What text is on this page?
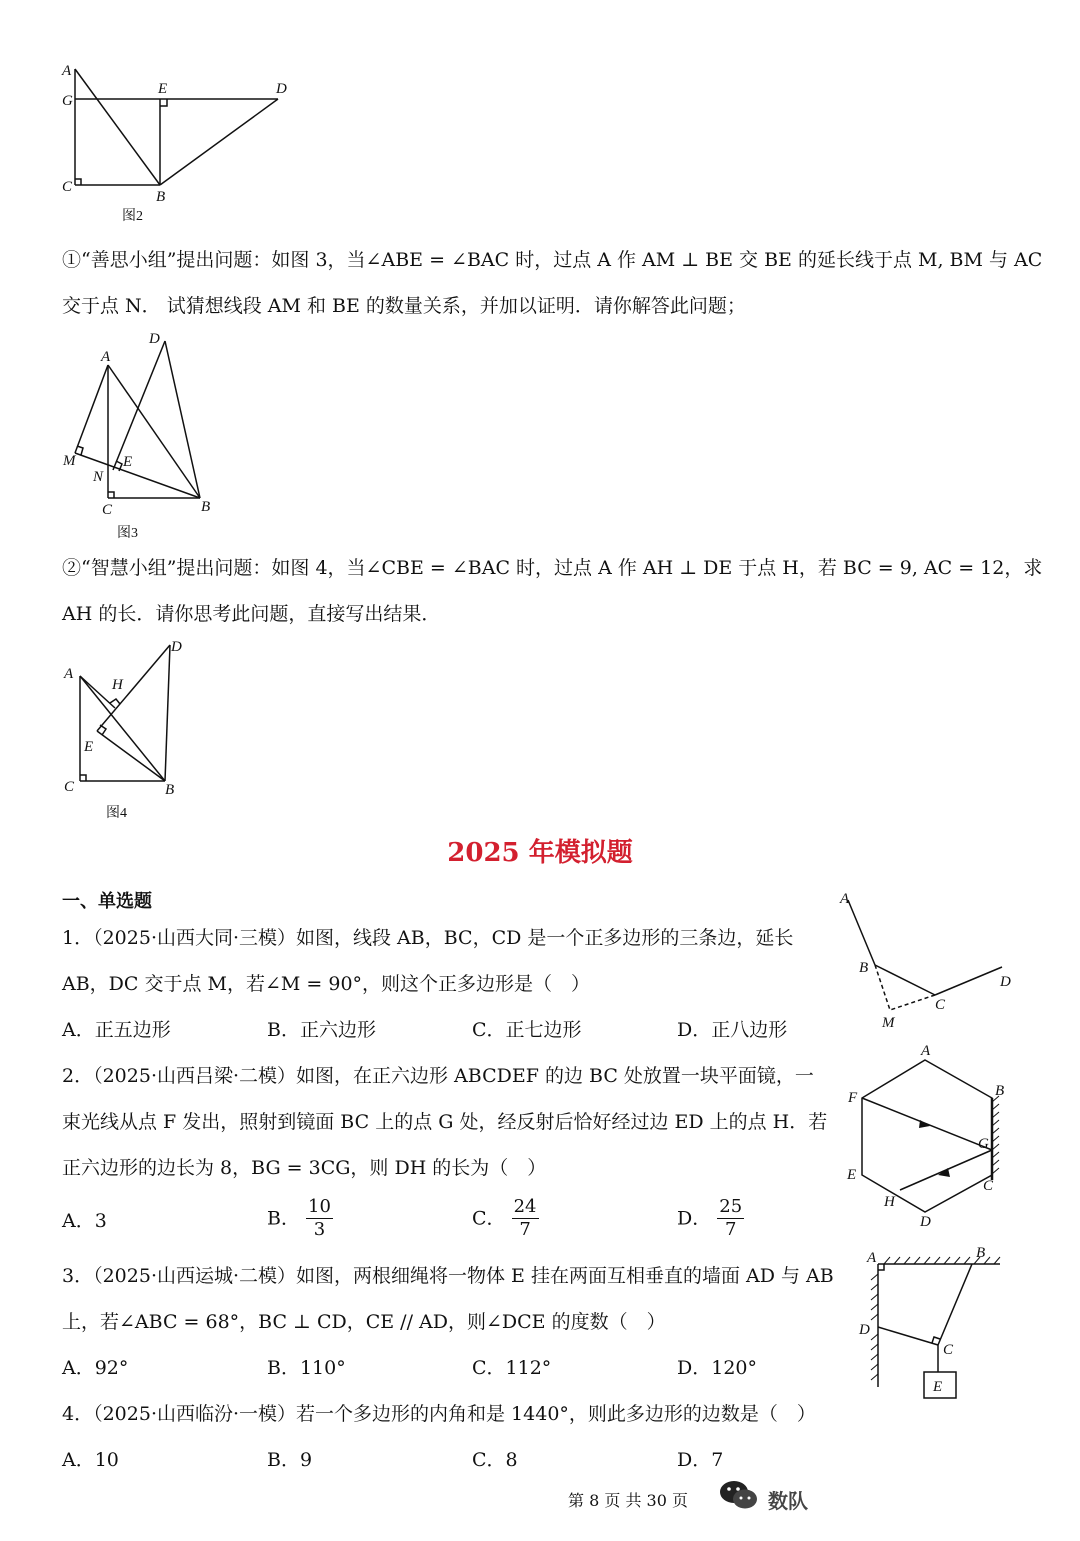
A
G
E	D
C
B
图2
①“善思小组”提出问题：如图 3，当∠ABE = ∠BAC 时，过点 A 作 AM ⊥ BE 交 BE 的延长线于点 M, BM 与 AC
交于点 N． 试猜想线段 AM 和 BE 的数量关系，并加以证明．请你解答此问题；
A
D
M	E
N
C	B
图3
②“智慧小组”提出问题：如图 4，当∠CBE = ∠BAC 时，过点 A 作 AH ⊥ DE 于点 H，若 BC = 9, AC = 12，求
AH 的长．请你思考此问题，直接写出结果．
A
H
D
E
C	B
图4
2025 年模拟题
一、单选题
1．（2025·山西大同·三模）如图，线段 AB，BC，CD 是一个正多边形的三条边，延长
AB，DC 交于点 M，若∠M = 90°，则这个正多边形是（　）
A．正五边形	B．正六边形	C．正七边形	D．正八边形
A
B
C
D
M
2．（2025·山西吕梁·二模）如图，在正六边形 ABCDEF 的边 BC 处放置一块平面镜，一
束光线从点 F 发出，照射到镜面 BC 上的点 G 处，经反射后恰好经过边 ED 上的点 H．若
正六边形的边长为 8，BG = 3CG，则 DH 的长为（　）
A．3	B． $\frac{10}{3}$	C． $\frac{24}{7}$	D． $\frac{25}{7}$
A
B
C
D
E
F
G
H
3．（2025·山西运城·二模）如图，两根细绳将一物体 E 挂在两面互相垂直的墙面 AD 与 AB
上，若∠ABC = 68°，BC ⊥ CD，CE // AD，则∠DCE 的度数（　）
A．92°	B．110°	C．112°	D．120°
A	B
C
D
E
4．（2025·山西临汾·一模）若一个多边形的内角和是 1440°，则此多边形的边数是（　）
A．10	B．9	C．8	D．7
第 8 页 共 30 页	数队
